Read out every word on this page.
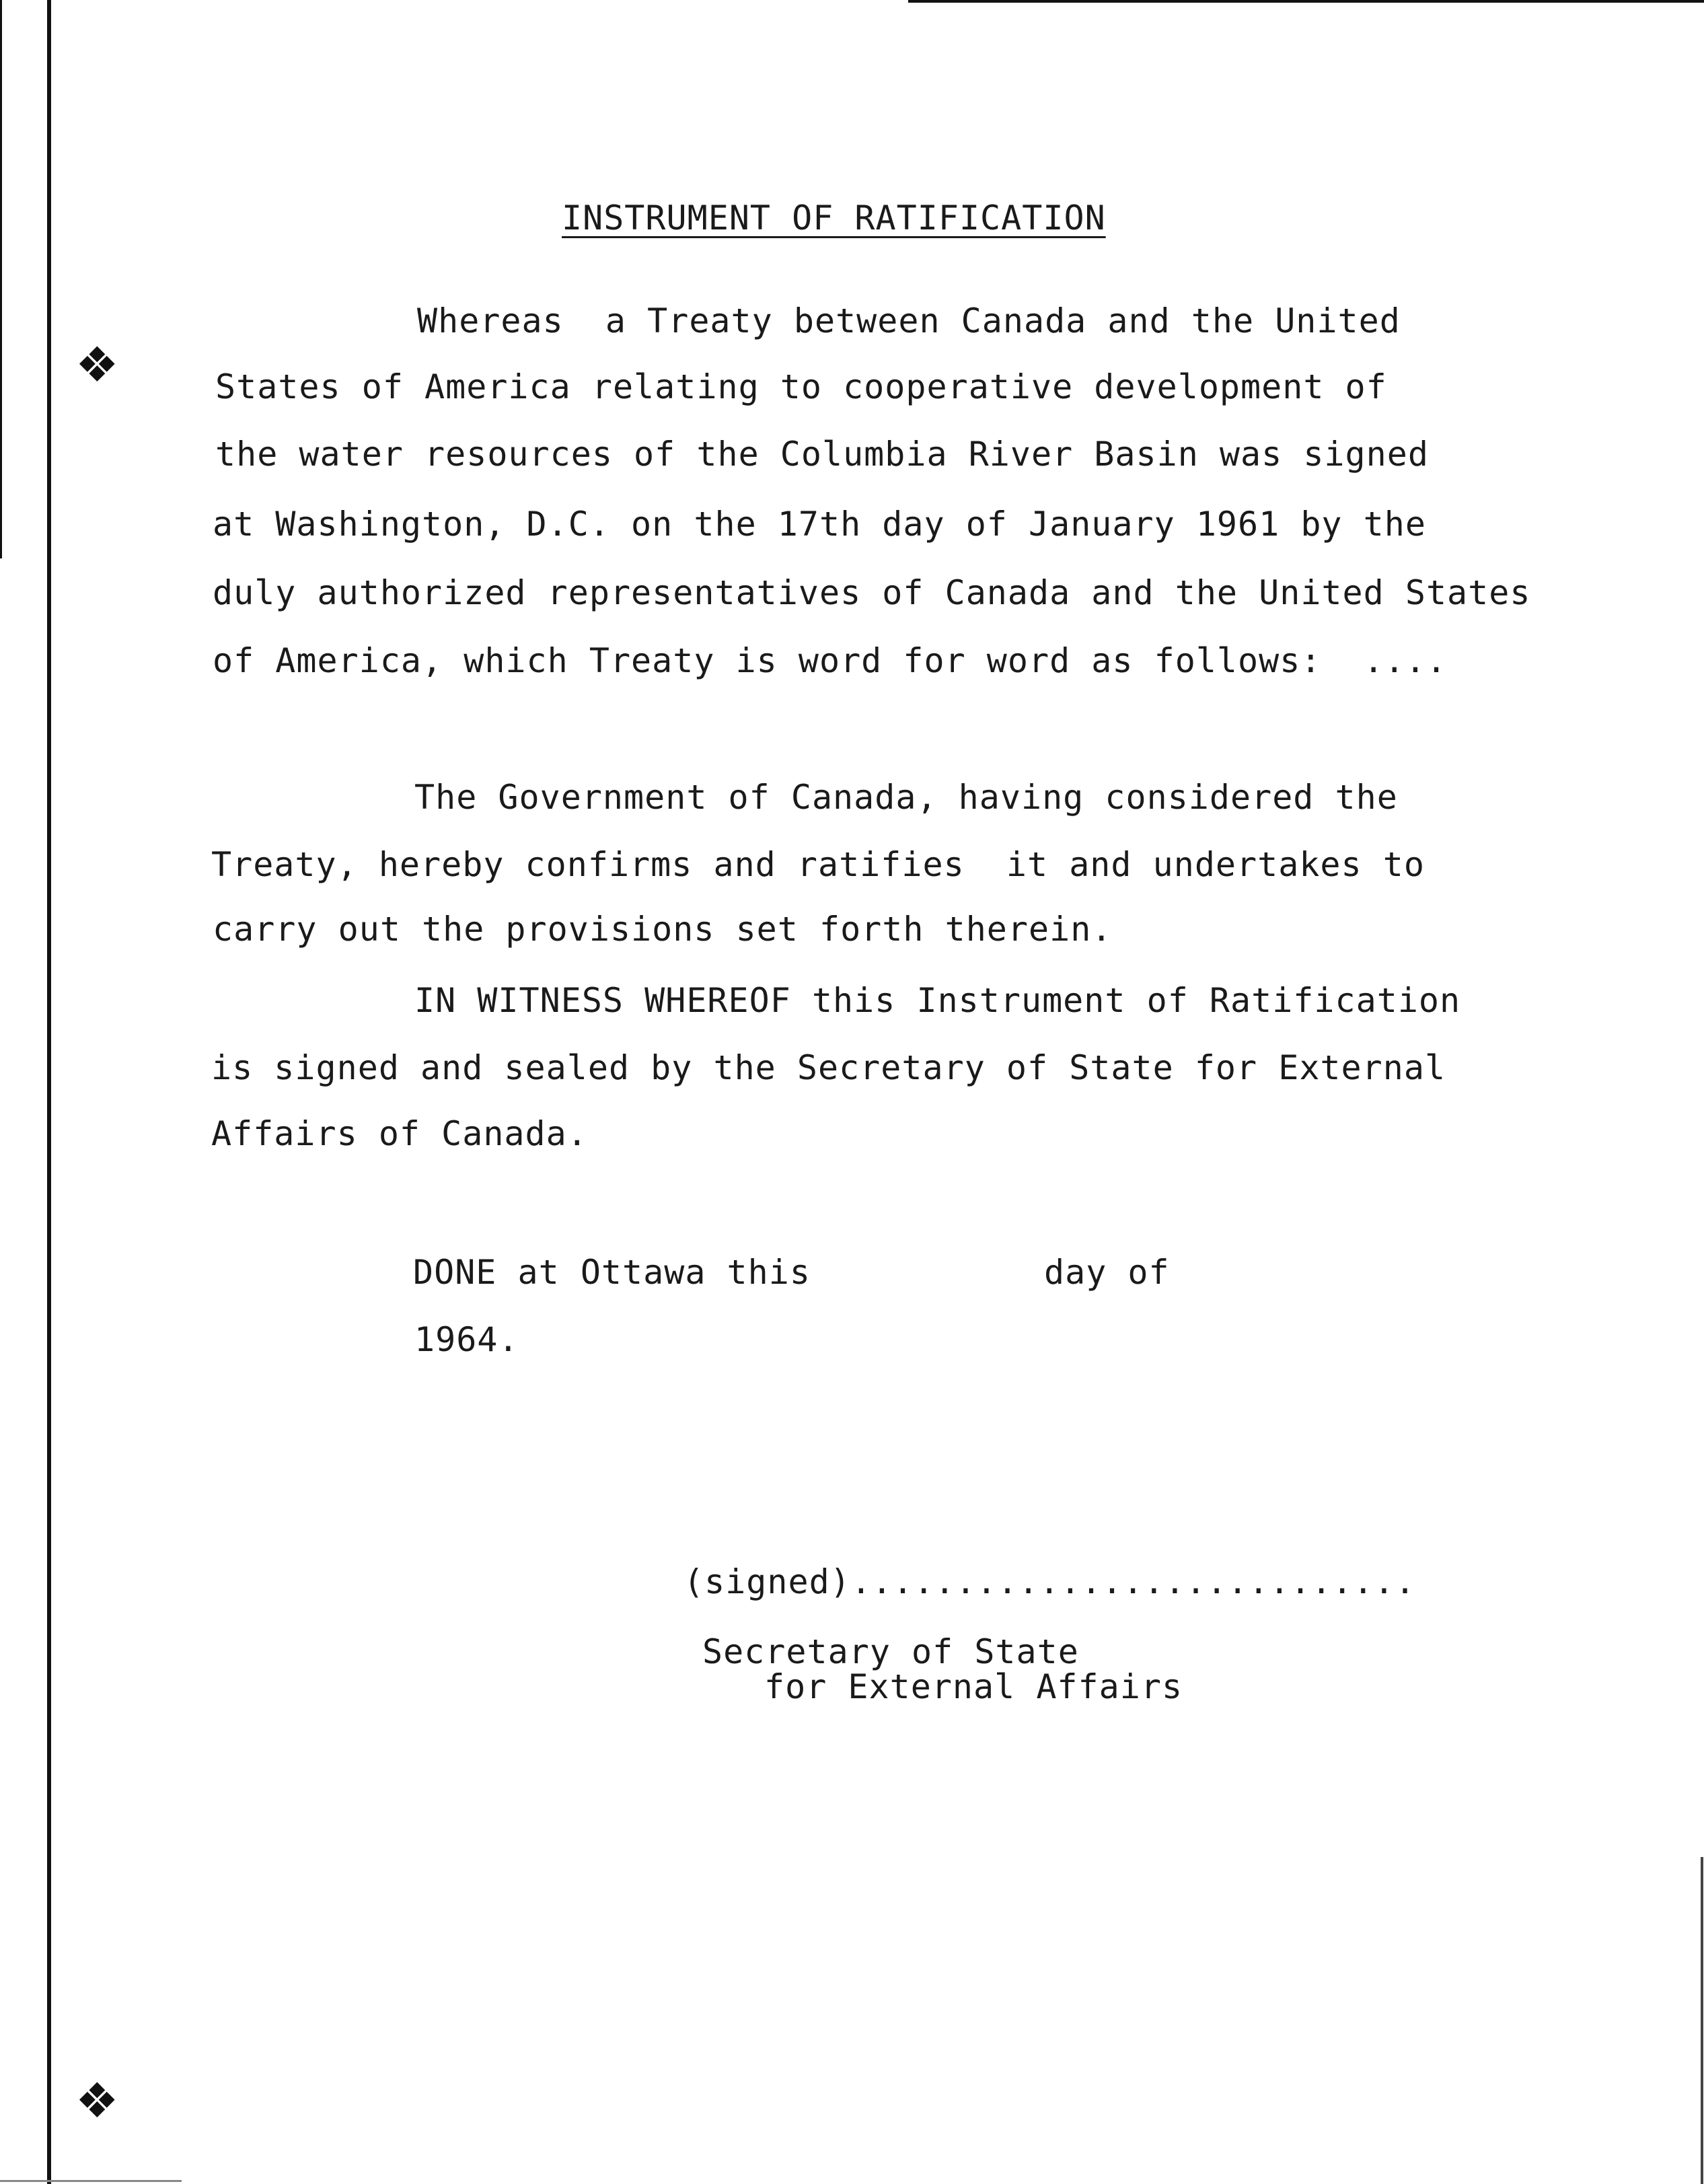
❖
❖
INSTRUMENT OF RATIFICATION
Whereas  a Treaty between Canada and the United
States of America relating to cooperative development of
the water resources of the Columbia River Basin was signed
at Washington, D.C. on the 17th day of January 1961 by the
duly authorized representatives of Canada and the United States
of America, which Treaty is word for word as follows:  ....
The Government of Canada, having considered the
Treaty, hereby confirms and ratifies  it and undertakes to
carry out the provisions set forth therein.
IN WITNESS WHEREOF this Instrument of Ratification
is signed and sealed by the Secretary of State for External
Affairs of Canada.
DONE at Ottawa this	day of
1964.
(signed)...........................
Secretary of State
for External Affairs
